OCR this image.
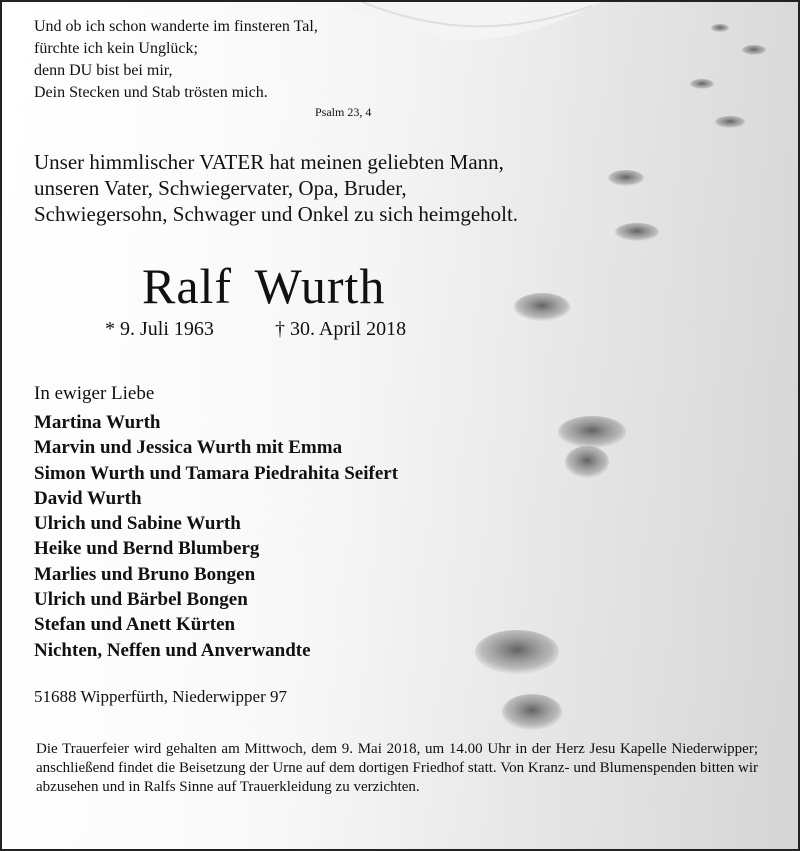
Und ob ich schon wanderte im finsteren Tal,
fürchte ich kein Unglück;
denn DU bist bei mir,
Dein Stecken und Stab trösten mich.
Psalm 23, 4
Unser himmlischer VATER hat meinen geliebten Mann,
unseren Vater, Schwiegervater, Opa, Bruder,
Schwiegersohn, Schwager und Onkel zu sich heimgeholt.
Ralf Wurth
* 9. Juli 1963	† 30. April 2018
In ewiger Liebe
Martina Wurth
Marvin und Jessica Wurth mit Emma
Simon Wurth und Tamara Piedrahita Seifert
David Wurth
Ulrich und Sabine Wurth
Heike und Bernd Blumberg
Marlies und Bruno Bongen
Ulrich und Bärbel Bongen
Stefan und Anett Kürten
Nichten, Neffen und Anverwandte
51688 Wipperfürth, Niederwipper 97
Die Trauerfeier wird gehalten am Mittwoch, dem 9. Mai 2018, um 14.00 Uhr in der Herz Jesu Kapelle Niederwipper; anschließend findet die Beisetzung der Urne auf dem dortigen Friedhof statt. Von Kranz- und Blumenspenden bitten wir abzusehen und in Ralfs Sinne auf Trauerkleidung zu verzichten.
